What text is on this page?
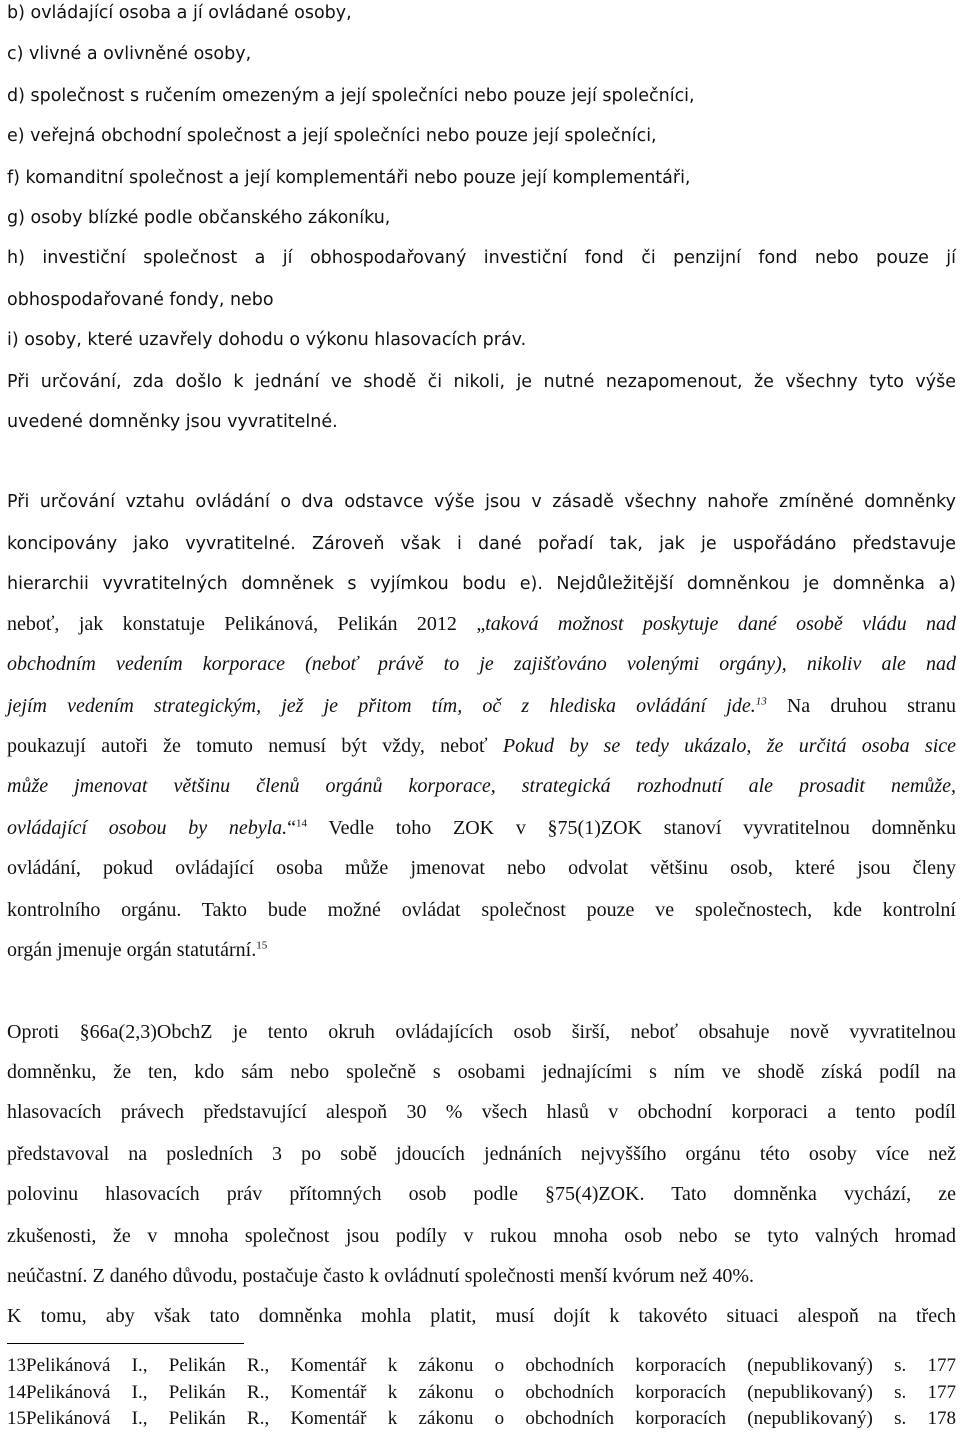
b) ovládající osoba a jí ovládané osoby,
c) vlivné a ovlivněné osoby,
d) společnost s ručením omezeným a její společníci nebo pouze její společníci,
e) veřejná obchodní společnost a její společníci nebo pouze její společníci,
f) komanditní společnost a její komplementáři nebo pouze její komplementáři,
g) osoby blízké podle občanského zákoníku,
h) investiční společnost a jí obhospodařovaný investiční fond či penzijní fond nebo pouze jí
obhospodařované fondy, nebo
i) osoby, které uzavřely dohodu o výkonu hlasovacích práv.
Při určování, zda došlo k jednání ve shodě či nikoli, je nutné nezapomenout, že všechny tyto výše
uvedené domněnky jsou vyvratitelné.
Při určování vztahu ovládání o dva odstavce výše jsou v zásadě všechny nahoře zmíněné domněnky
koncipovány jako vyvratitelné. Zároveň však i dané pořadí tak, jak je uspořádáno představuje
hierarchii vyvratitelných domněnek s vyjímkou bodu e). Nejdůležitější domněnkou je domněnka a)
neboť, jak konstatuje Pelikánová, Pelikán 2012 „taková možnost poskytuje dané osobě vládu nad
obchodním vedením korporace (neboť právě to je zajišťováno volenými orgány), nikoliv ale nad
jejím vedením strategickým, jež je přitom tím, oč z hlediska ovládání jde.$^{13}$ Na druhou stranu
poukazují autoři že tomuto nemusí být vždy, neboť Pokud by se tedy ukázalo, že určitá osoba sice
může jmenovat většinu členů orgánů korporace, strategická rozhodnutí ale prosadit nemůže,
ovládající osobou by nebyla.“$^{14}$ Vedle toho ZOK v §75(1)ZOK stanoví vyvratitelnou domněnku
ovládání, pokud ovládající osoba může jmenovat nebo odvolat většinu osob, které jsou členy
kontrolního orgánu. Takto bude možné ovládat společnost pouze ve společnostech, kde kontrolní
orgán jmenuje orgán statutární.$^{15}$
Oproti §66a(2,3)ObchZ je tento okruh ovládajících osob širší, neboť obsahuje nově vyvratitelnou
domněnku, že ten, kdo sám nebo společně s osobami jednajícími s ním ve shodě získá podíl na
hlasovacích právech představující alespoň 30 % všech hlasů v obchodní korporaci a tento podíl
představoval na posledních 3 po sobě jdoucích jednáních nejvyššího orgánu této osoby více než
polovinu hlasovacích práv přítomných osob podle §75(4)ZOK. Tato domněnka vychází, ze
zkušenosti, že v mnoha společnost jsou podíly v rukou mnoha osob nebo se tyto valných hromad
neúčastní. Z daného důvodu, postačuje často k ovládnutí společnosti menší kvórum než 40%.
K tomu, aby však tato domněnka mohla platit, musí dojít k takovéto situaci alespoň na třech
13Pelikánová I., Pelikán R., Komentář k zákonu o obchodních korporacích (nepublikovaný) s. 177
14Pelikánová I., Pelikán R., Komentář k zákonu o obchodních korporacích (nepublikovaný) s. 177
15Pelikánová I., Pelikán R., Komentář k zákonu o obchodních korporacích (nepublikovaný) s. 178
